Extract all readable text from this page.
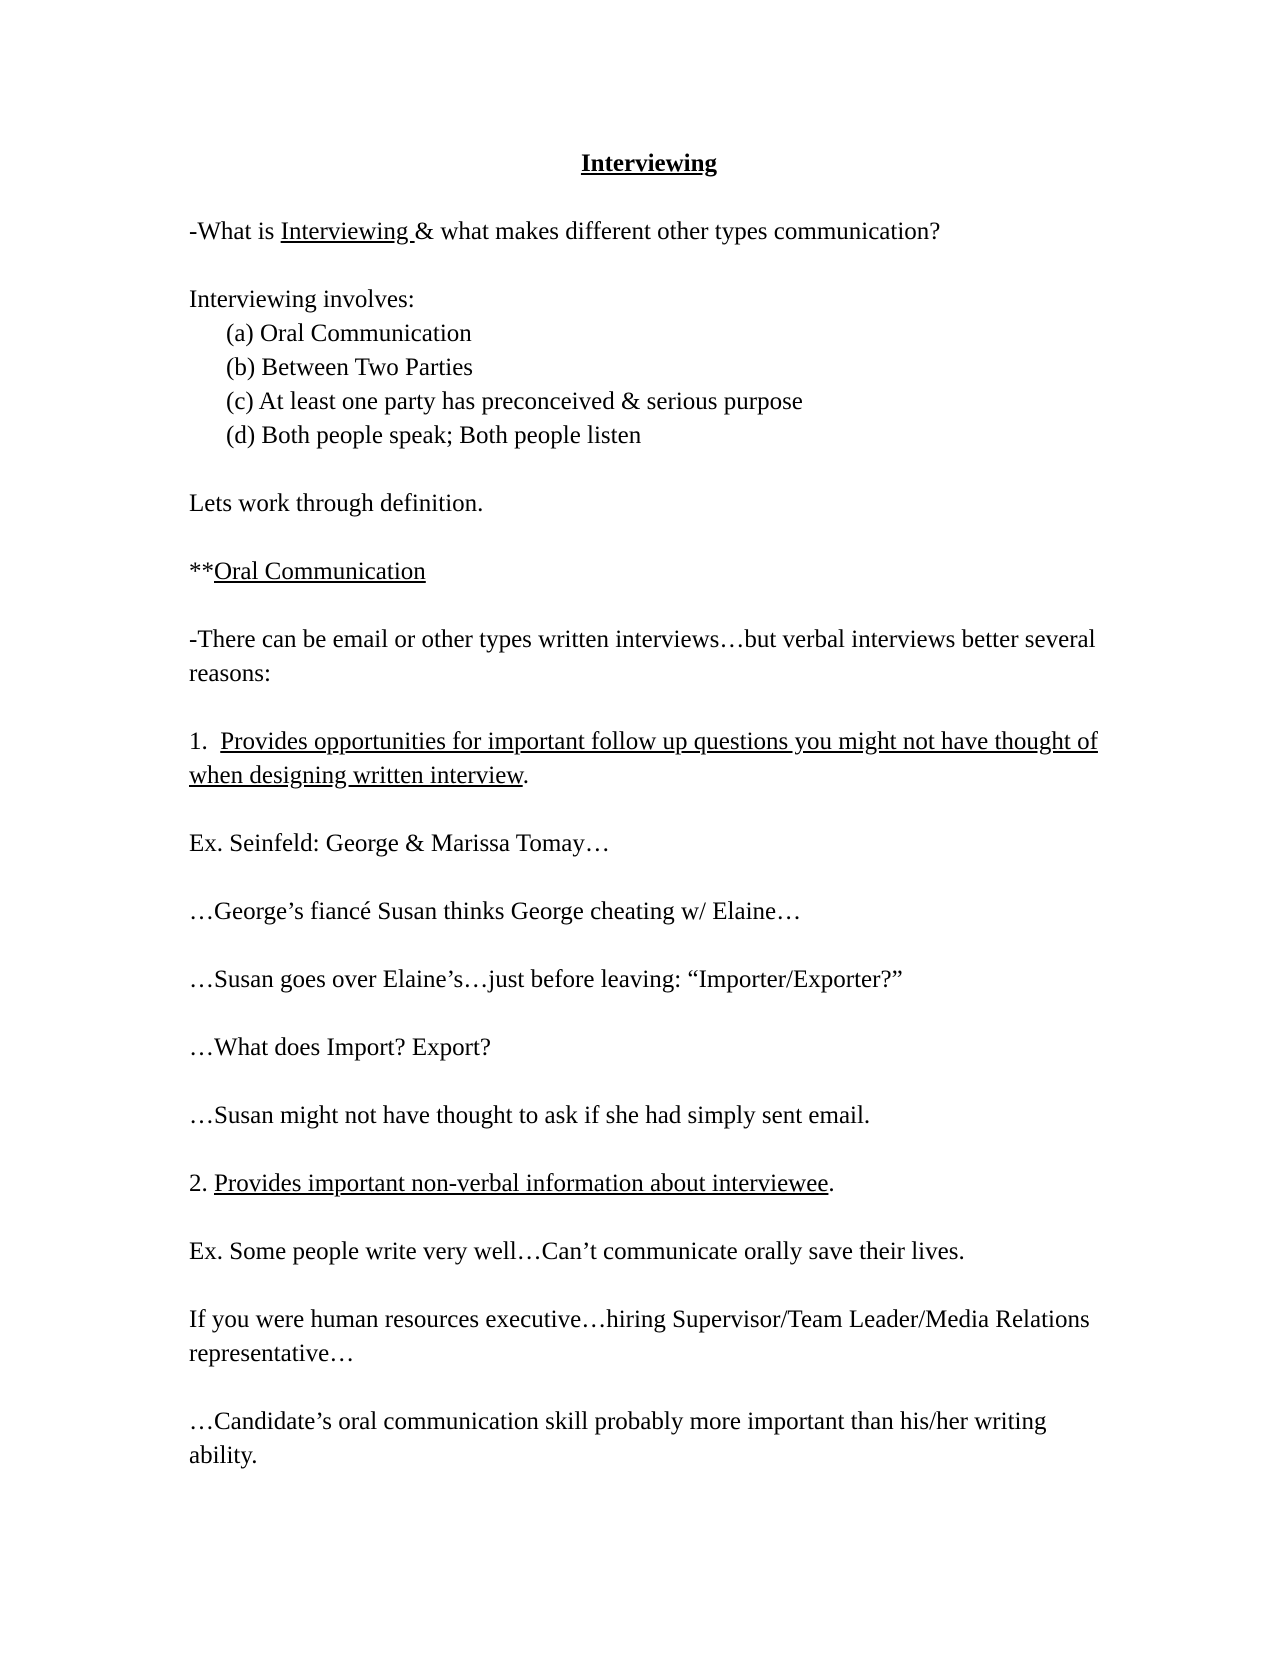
Interviewing

-What is Interviewing & what makes different other types communication?

Interviewing involves:

(a) Oral Communication
(b) Between Two Parties
(c) At least one party has preconceived & serious purpose
(d) Both people speak; Both people listen

Lets work through definition.

**Oral Communication

-There can be email or other types written interviews…but verbal interviews better several reasons:

1.  Provides opportunities for important follow up questions you might not have thought of when designing written interview.

Ex. Seinfeld: George & Marissa Tomay…

…George’s fiancé Susan thinks George cheating w/ Elaine…

…Susan goes over Elaine’s…just before leaving: “Importer/Exporter?”

…What does Import? Export?

…Susan might not have thought to ask if she had simply sent email.

2. Provides important non-verbal information about interviewee.

Ex. Some people write very well…Can’t communicate orally save their lives.

If you were human resources executive…hiring Supervisor/Team Leader/Media Relations representative…

…Candidate’s oral communication skill probably more important than his/her writing ability.
